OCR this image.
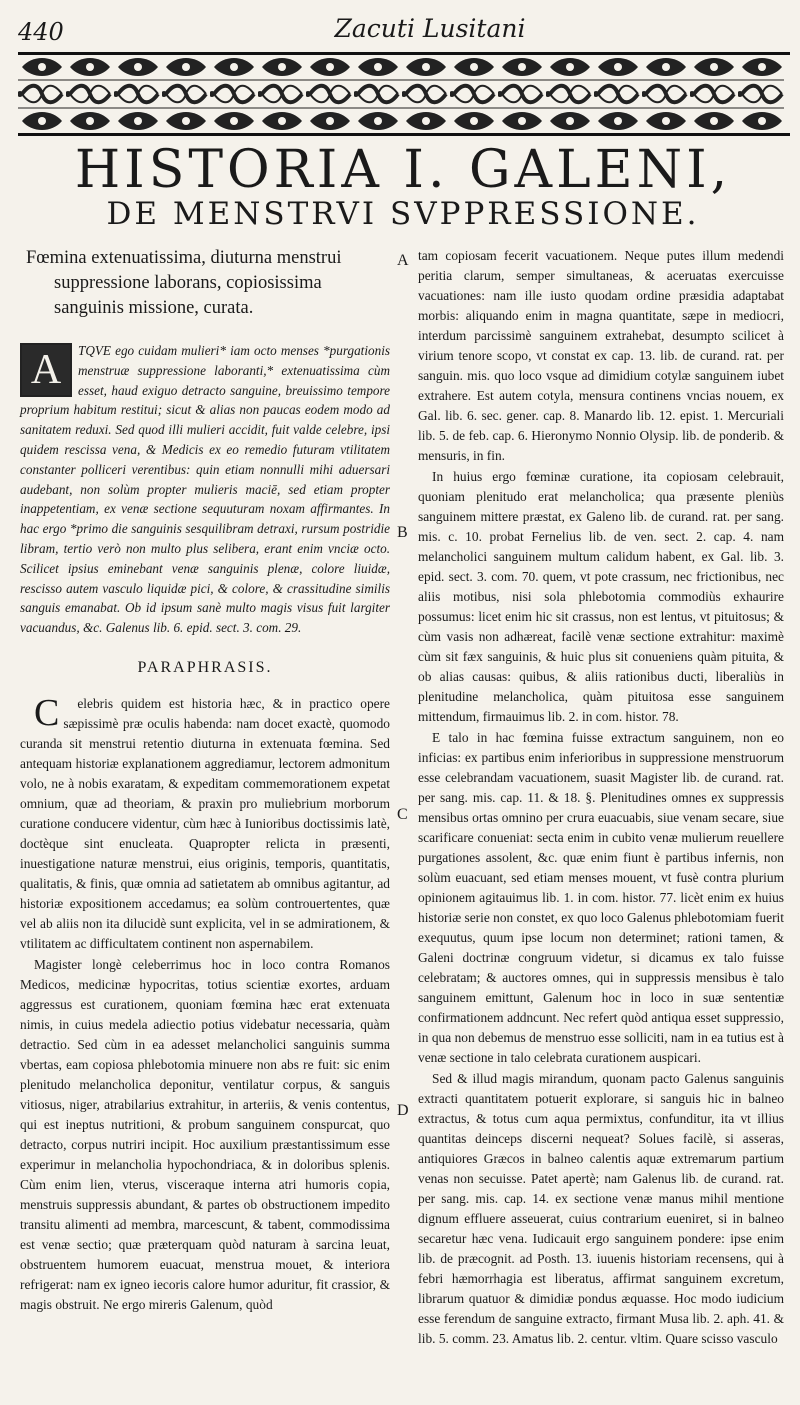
440	Zacuti Lusitani
HISTORIA I. GALENI,
DE MENSTRVI SVPPRESSIONE.
Fœmina extenuatissima, diuturna menstrui
suppressione laborans, copiosissima
sanguinis missione, curata.
A	TQVE ego cuidam mulieri* iam octo menses *purgationis menstruæ suppressione laboranti,* extenuatissima cùm esset, haud exiguo detracto sanguine, breuissimo tempore proprium habitum restitui; sicut & alias non paucas eodem modo ad sanitatem reduxi. Sed quod illi mulieri accidit, fuit valde celebre, ipsi quidem rescissa vena, & Medicis ex eo remedio futuram vtilitatem constanter polliceri verentibus: quin etiam nonnulli mihi aduersari audebant, non solùm propter mulieris maciē, sed etiam propter inappetentiam, ex venæ sectione sequuturam noxam affirmantes. In hac ergo *primo die sanguinis sesquilibram detraxi, rursum postridie libram, tertio verò non multo plus selibera, erant enim vnciæ octo. Scilicet ipsius eminebant venæ sanguinis plenæ, colore liuidæ, rescisso autem vasculo liquidæ pici, & colore, & crassitudine similis sanguis emanabat. Ob id ipsum sanè multo magis visus fuit largiter vacuandus, &c. Galenus lib. 6. epid. sect. 3. com. 29.
PARAPHRASIS.

Celebris quidem est historia hæc, & in practico opere sæpissimè præ oculis habenda: nam docet exactè, quomodo curanda sit menstrui retentio diuturna in extenuata fœmina. Sed antequam historiæ explanationem aggrediamur, lectorem admonitum volo, ne à nobis exaratam, & expeditam commemorationem expetat omnium, quæ ad theoriam, & praxin pro muliebrium morborum curatione conducere videntur, cùm hæc à Iunioribus doctissimis latè, doctèque sint enucleata. Quapropter relicta in præsenti, inuestigatione naturæ menstrui, eius originis, temporis, quantitatis, qualitatis, & finis, quæ omnia ad satietatem ab omnibus agitantur, ad historiæ expositionem accedamus; ea solùm controuertentes, quæ vel ab aliis non ita dilucidè sunt explicita, vel in se admirationem, & vtilitatem ac difficultatem continent non aspernabilem.

Magister longè celeberrimus hoc in loco contra Romanos Medicos, medicinæ hypocritas, totius scientiæ exortes, arduam aggressus est curationem, quoniam fœmina hæc erat extenuata nimis, in cuius medela adiectio potius videbatur necessaria, quàm detractio. Sed cùm in ea adesset melancholici sanguinis summa vbertas, eam copiosa phlebotomia minuere non abs re fuit: sic enim plenitudo melancholica deponitur, ventilatur corpus, & sanguis vitiosus, niger, atrabilarius extrahitur, in arteriis, & venis contentus, qui est ineptus nutritioni, & probum sanguinem conspurcat, quo detracto, corpus nutriri incipit. Hoc auxilium præstantissimum esse experimur in melancholia hypochondriaca, & in doloribus splenis. Cùm enim lien, vterus, visceraque interna atri humoris copia, menstruis suppressis abundant, & partes ob obstructionem impedito transitu alimenti ad membra, marcescunt, & tabent, commodissima est venæ sectio; quæ præterquam quòd naturam à sarcina leuat, obstruentem humorem euacuat, menstrua mouet, & interiora refrigerat: nam ex igneo iecoris calore humor aduritur, fit crassior, & magis obstruit. Ne ergo mireris Galenum, quòd

tam copiosam fecerit vacuationem. Neque putes illum medendi peritia clarum, semper simultaneas, & aceruatas exercuisse vacuationes: nam ille iusto quodam ordine præsidia adaptabat morbis: aliquando enim in magna quantitate, sæpe in mediocri, interdum parcissimè sanguinem extrahebat, desumpto scilicet à virium tenore scopo, vt constat ex cap. 13. lib. de curand. rat. per sanguin. mis. quo loco vsque ad dimidium cotylæ sanguinem iubet extrahere. Est autem cotyla, mensura continens vncias nouem, ex Gal. lib. 6. sec. gener. cap. 8. Manardo lib. 12. epist. 1. Mercuriali lib. 5. de feb. cap. 6. Hieronymo Nonnio Olysip. lib. de ponderib. & mensuris, in fin.

In huius ergo fœminæ curatione, ita copiosam celebrauit, quoniam plenitudo erat melancholica; qua præsente pleniùs sanguinem mittere præstat, ex Galeno lib. de curand. rat. per sang. mis. c. 10. probat Fernelius lib. de ven. sect. 2. cap. 4. nam melancholici sanguinem multum calidum habent, ex Gal. lib. 3. epid. sect. 3. com. 70. quem, vt pote crassum, nec frictionibus, nec aliis motibus, nisi sola phlebotomia commodiùs exhaurire possumus: licet enim hic sit crassus, non est lentus, vt pituitosus; & cùm vasis non adhæreat, facilè venæ sectione extrahitur: maximè cùm sit fæx sanguinis, & huic plus sit conueniens quàm pituita, & ob alias causas: quibus, & aliis rationibus ducti, liberaliùs in plenitudine melancholica, quàm pituitosa esse sanguinem mittendum, firmauimus lib. 2. in com. histor. 78.

E talo in hac fœmina fuisse extractum sanguinem, non eo inficias: ex partibus enim inferioribus in suppressione menstruorum esse celebrandam vacuationem, suasit Magister lib. de curand. rat. per sang. mis. cap. 11. & 18. §. Plenitudines omnes ex suppressis mensibus ortas omnino per crura euacuabis, siue venam secare, siue scarificare conueniat: secta enim in cubito venæ mulierum reuellere purgationes assolent, &c. quæ enim fiunt è partibus infernis, non solùm euacuant, sed etiam menses mouent, vt fusè contra plurium opinionem agitauimus lib. 1. in com. histor. 77. licèt enim ex huius historiæ serie non constet, ex quo loco Galenus phlebotomiam fuerit exequutus, quum ipse locum non determinet; rationi tamen, & Galeni doctrinæ congruum videtur, si dicamus ex talo fuisse celebratam; & auctores omnes, qui in suppressis mensibus è talo sanguinem emittunt, Galenum hoc in loco in suæ sententiæ confirmationem addncunt. Nec refert quòd antiqua esset suppressio, in qua non debemus de menstruo esse solliciti, nam in ea tutius est à venæ sectione in talo celebrata curationem auspicari.

Sed & illud magis mirandum, quonam pacto Galenus sanguinis extracti quantitatem potuerit explorare, si sanguis hic in balneo extractus, & totus cum aqua permixtus, confunditur, ita vt illius quantitas deinceps discerni nequeat? Solues facilè, si asseras, antiquiores Græcos in balneo calentis aquæ extremarum partium venas non secuisse. Patet apertè; nam Galenus lib. de curand. rat. per sang. mis. cap. 14. ex sectione venæ manus mihil mentione dignum effluere asseuerat, cuius contrarium eueniret, si in balneo secaretur hæc vena. Iudicauit ergo sanguinem pondere: ipse enim lib. de præcognit. ad Posth. 13. iuuenis historiam recensens, qui à febri hæmorrhagia est liberatus, affirmat sanguinem excretum, librarum quatuor & dimidiæ pondus æquasse. Hoc modo iudicium esse ferendum de sanguine extracto, firmant Musa lib. 2. aph. 41. & lib. 5. comm. 23. Amatus lib. 2. centur. vltim. Quare scisso vasculo

A
B
C
D
